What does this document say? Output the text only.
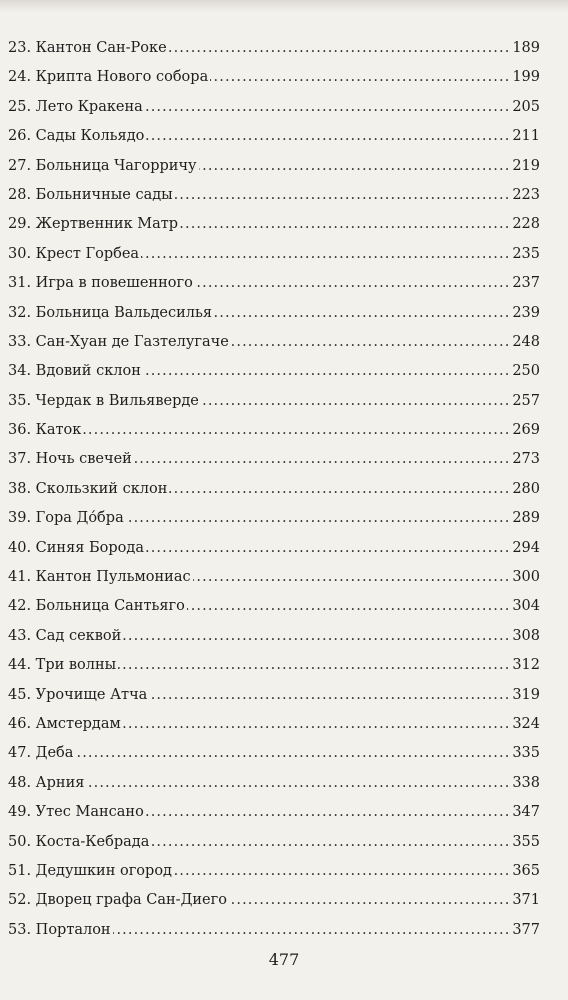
..... 23. Кантон Сан-Роке	189
..... 24. Крипта Нового собора	199
..... 25. Лето Кракена	205
..... 26. Сады Кольядо	211
..... 27. Больница Чагорричу	219
..... 28. Больничные сады	223
..... 29. Жертвенник Матр	228
..... 30. Крест Горбеа	235
..... 31. Игра в повешенного	237
..... 32. Больница Вальдесилья	239
..... 33. Сан-Хуан де Газтелугаче	248
..... 34. Вдовий склон	250
..... 35. Чердак в Вильяверде	257
..... 36. Каток	269
..... 37. Ночь свечей	273
..... 38. Скользкий склон	280
..... 39. Гора До́бра	289
..... 40. Синяя Борода	294
..... 41. Кантон Пульмониас	300
..... 42. Больница Сантьяго	304
..... 43. Сад секвой	308
..... 44. Три волны	312
..... 45. Урочище Атча	319
..... 46. Амстердам	324
..... 47. Деба	335
..... 48. Арния	338
..... 49. Утес Мансано	347
..... 50. Коста-Кебрада	355
..... 51. Дедушкин огород	365
..... 52. Дворец графа Сан-Диего	371
..... 53. Порталон	377
477
